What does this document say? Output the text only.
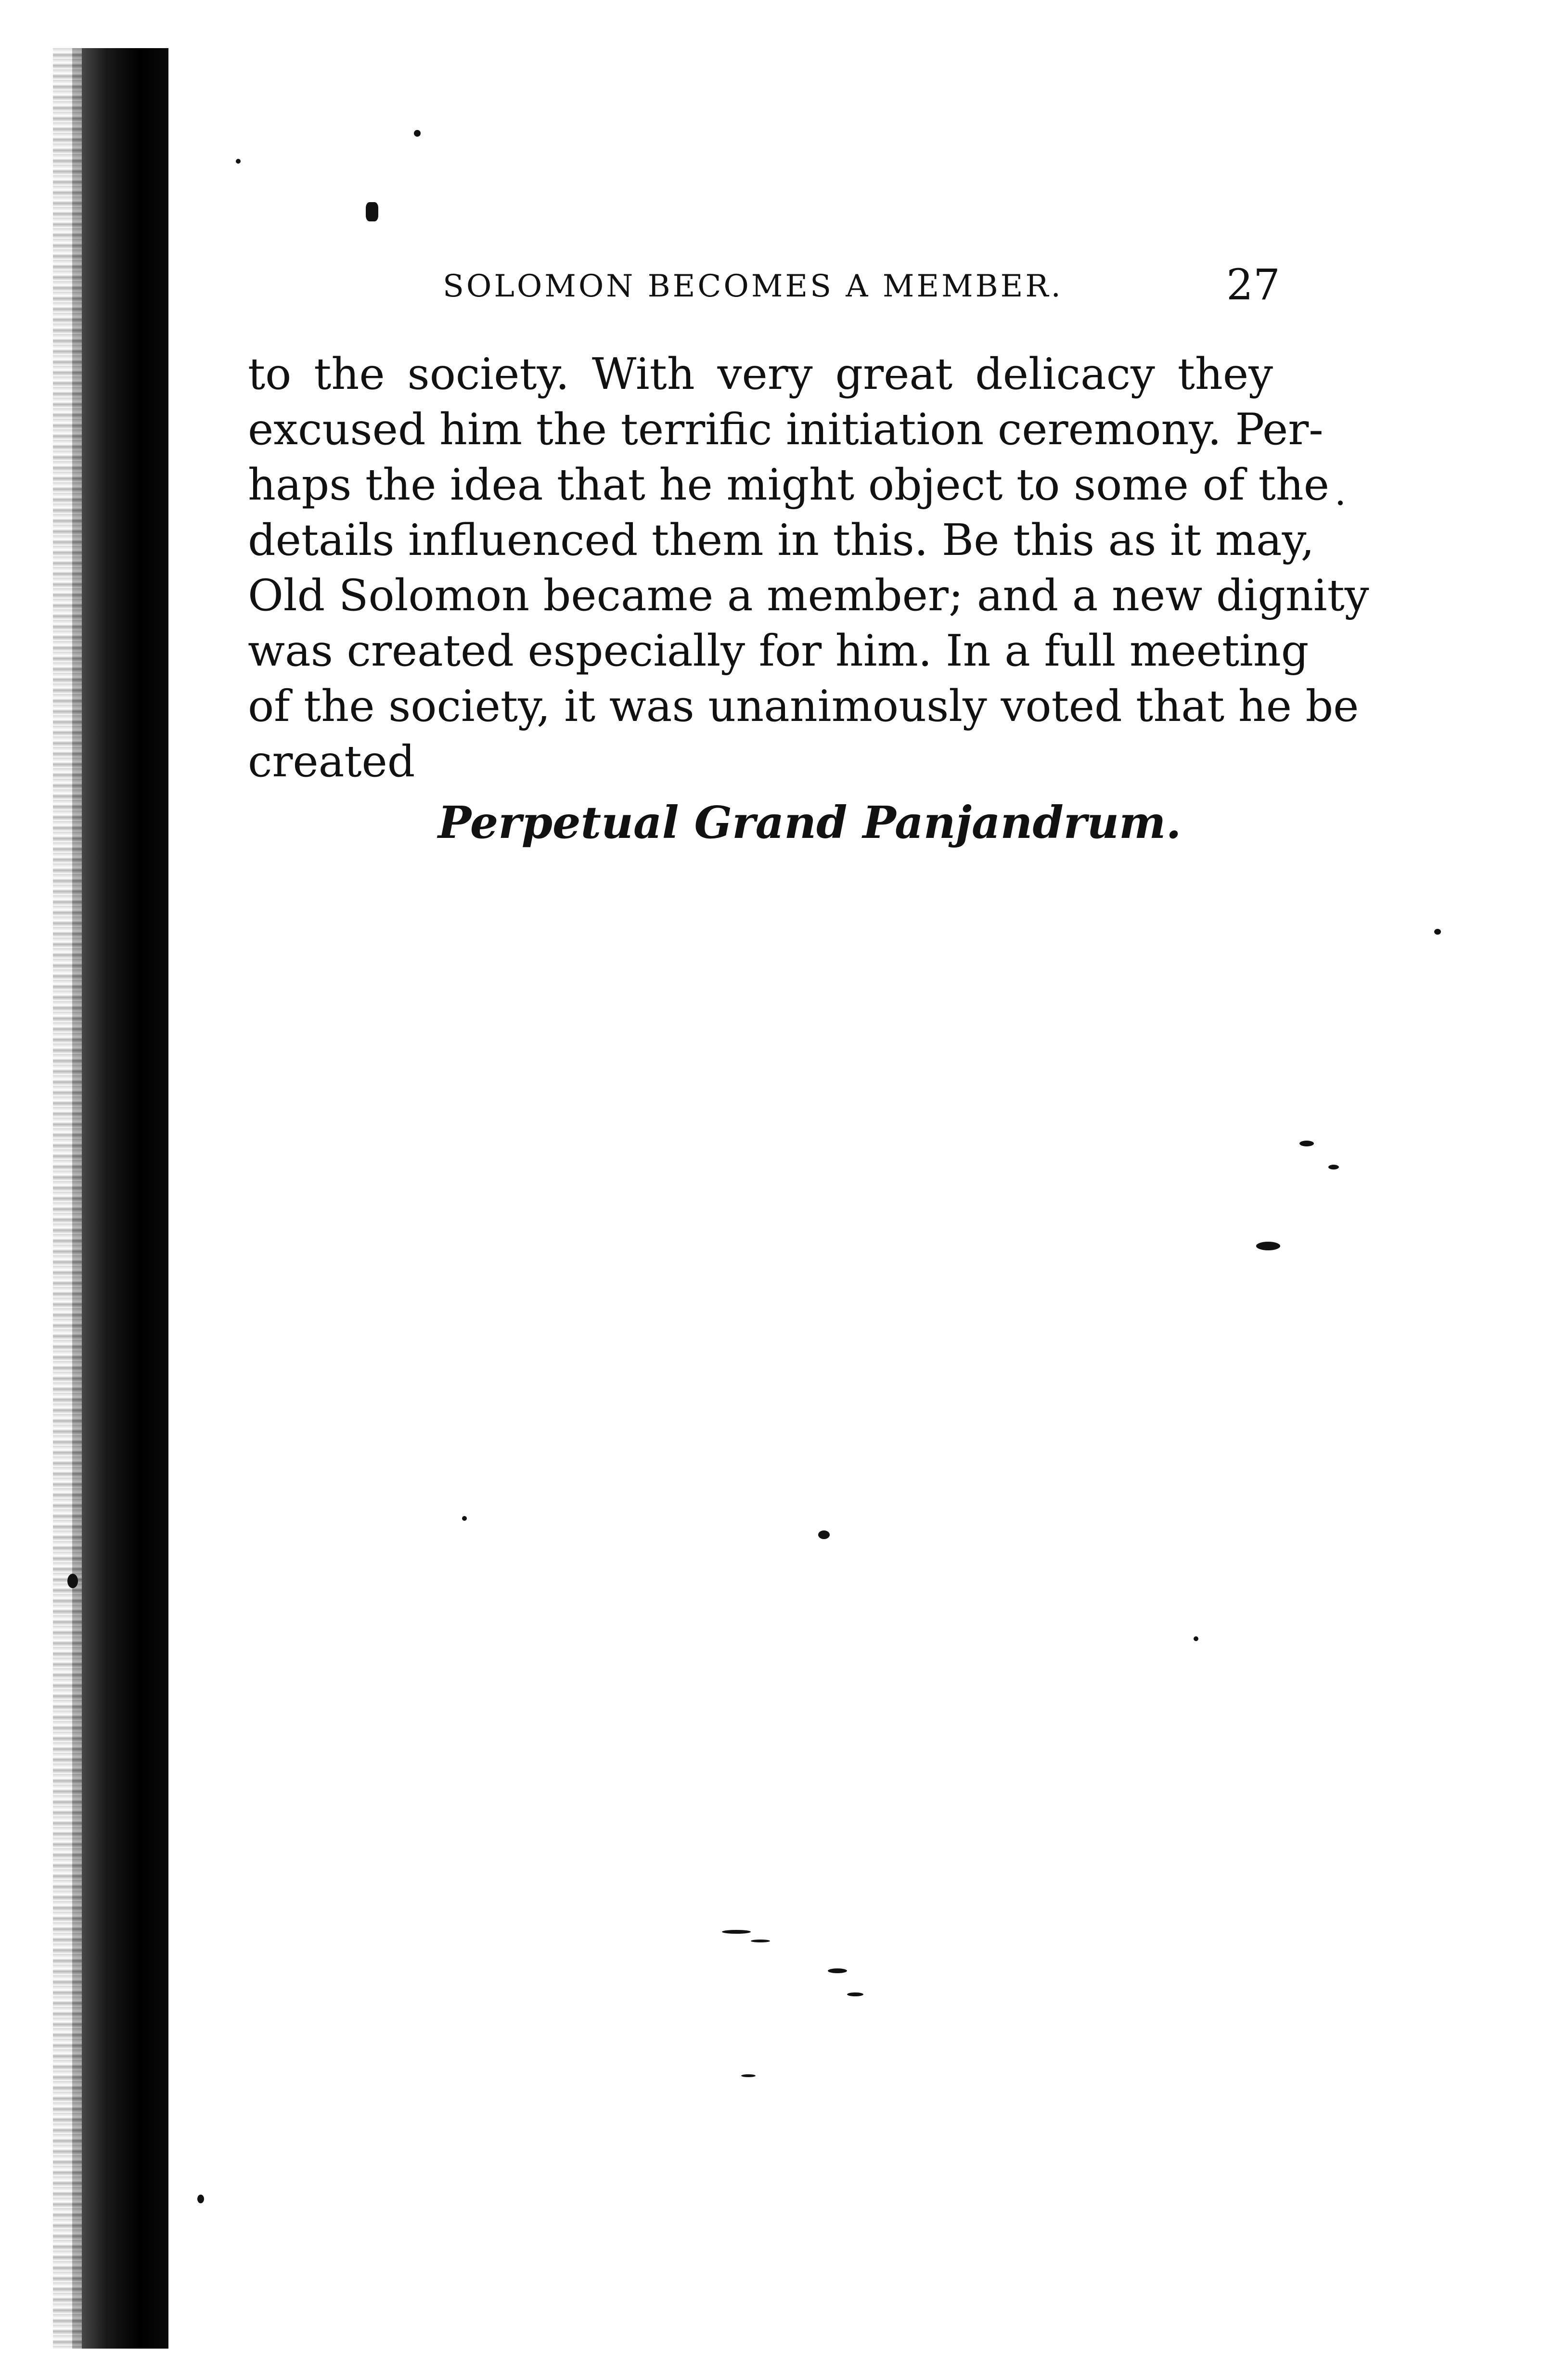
SOLOMON BECOMES A MEMBER.	27
to the society. With very great delicacy they
excused him the terrific initiation ceremony. Per-
haps the idea that he might object to some of the
details influenced them in this. Be this as it may,
Old Solomon became a member; and a new dignity
was created especially for him. In a full meeting
of the society, it was unanimously voted that he be
created
Perpetual Grand Panjandrum.
